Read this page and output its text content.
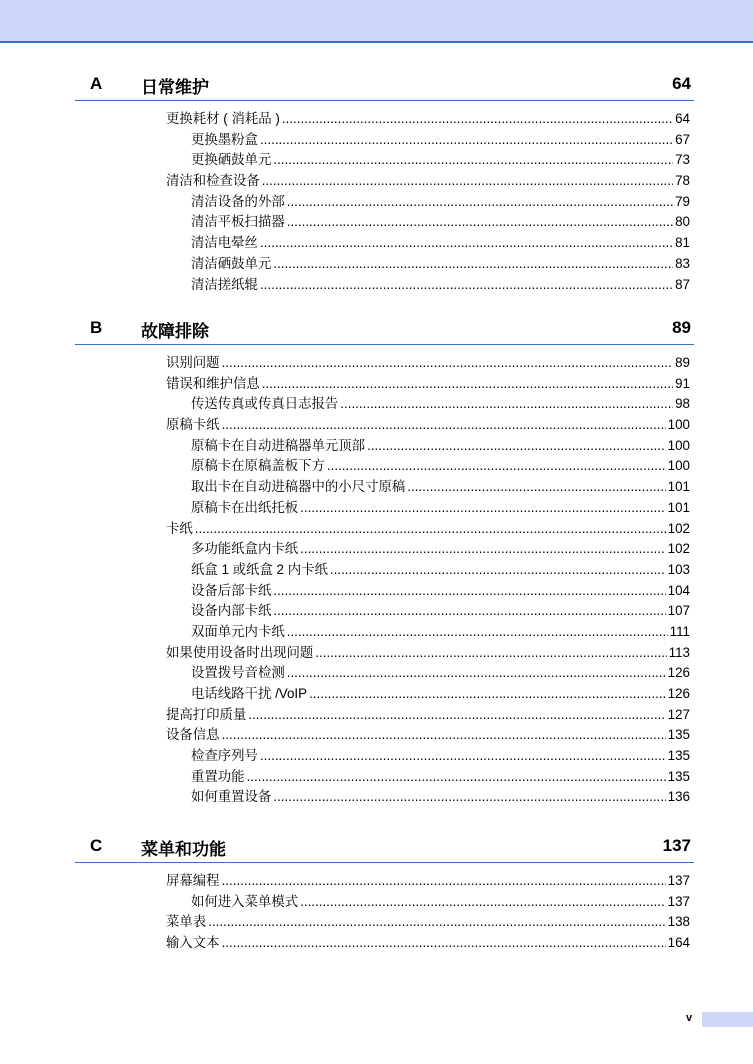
A 日常维护	64
更换耗材 ( 消耗品 ) .....	64
更换墨粉盒 .....	67
更换硒鼓单元 .....	73
清洁和检查设备 .....	78
清洁设备的外部 .....	79
清洁平板扫描器 .....	80
清洁电晕丝 .....	81
清洁硒鼓单元 .....	83
清洁搓纸辊 .....	87
B 故障排除	89
识别问题 .....	89
错误和维护信息 .....	91
传送传真或传真日志报告 .....	98
原稿卡纸 .....	100
原稿卡在自动进稿器单元顶部 .....	100
原稿卡在原稿盖板下方 .....	100
取出卡在自动进稿器中的小尺寸原稿 .....	101
原稿卡在出纸托板 .....	101
卡纸 .....	102
多功能纸盒内卡纸 .....	102
纸盒 1 或纸盒 2 内卡纸 .....	103
设备后部卡纸 .....	104
设备内部卡纸 .....	107
双面单元内卡纸 .....	111
如果使用设备时出现问题 .....	113
设置拨号音检测 .....	126
电话线路干扰 /VoIP .....	126
提高打印质量 .....	127
设备信息 .....	135
检查序列号 .....	135
重置功能 .....	135
如何重置设备 .....	136
C 菜单和功能	137
屏幕编程 .....	137
如何进入菜单模式 .....	137
菜单表 .....	138
输入文本 .....	164
v
